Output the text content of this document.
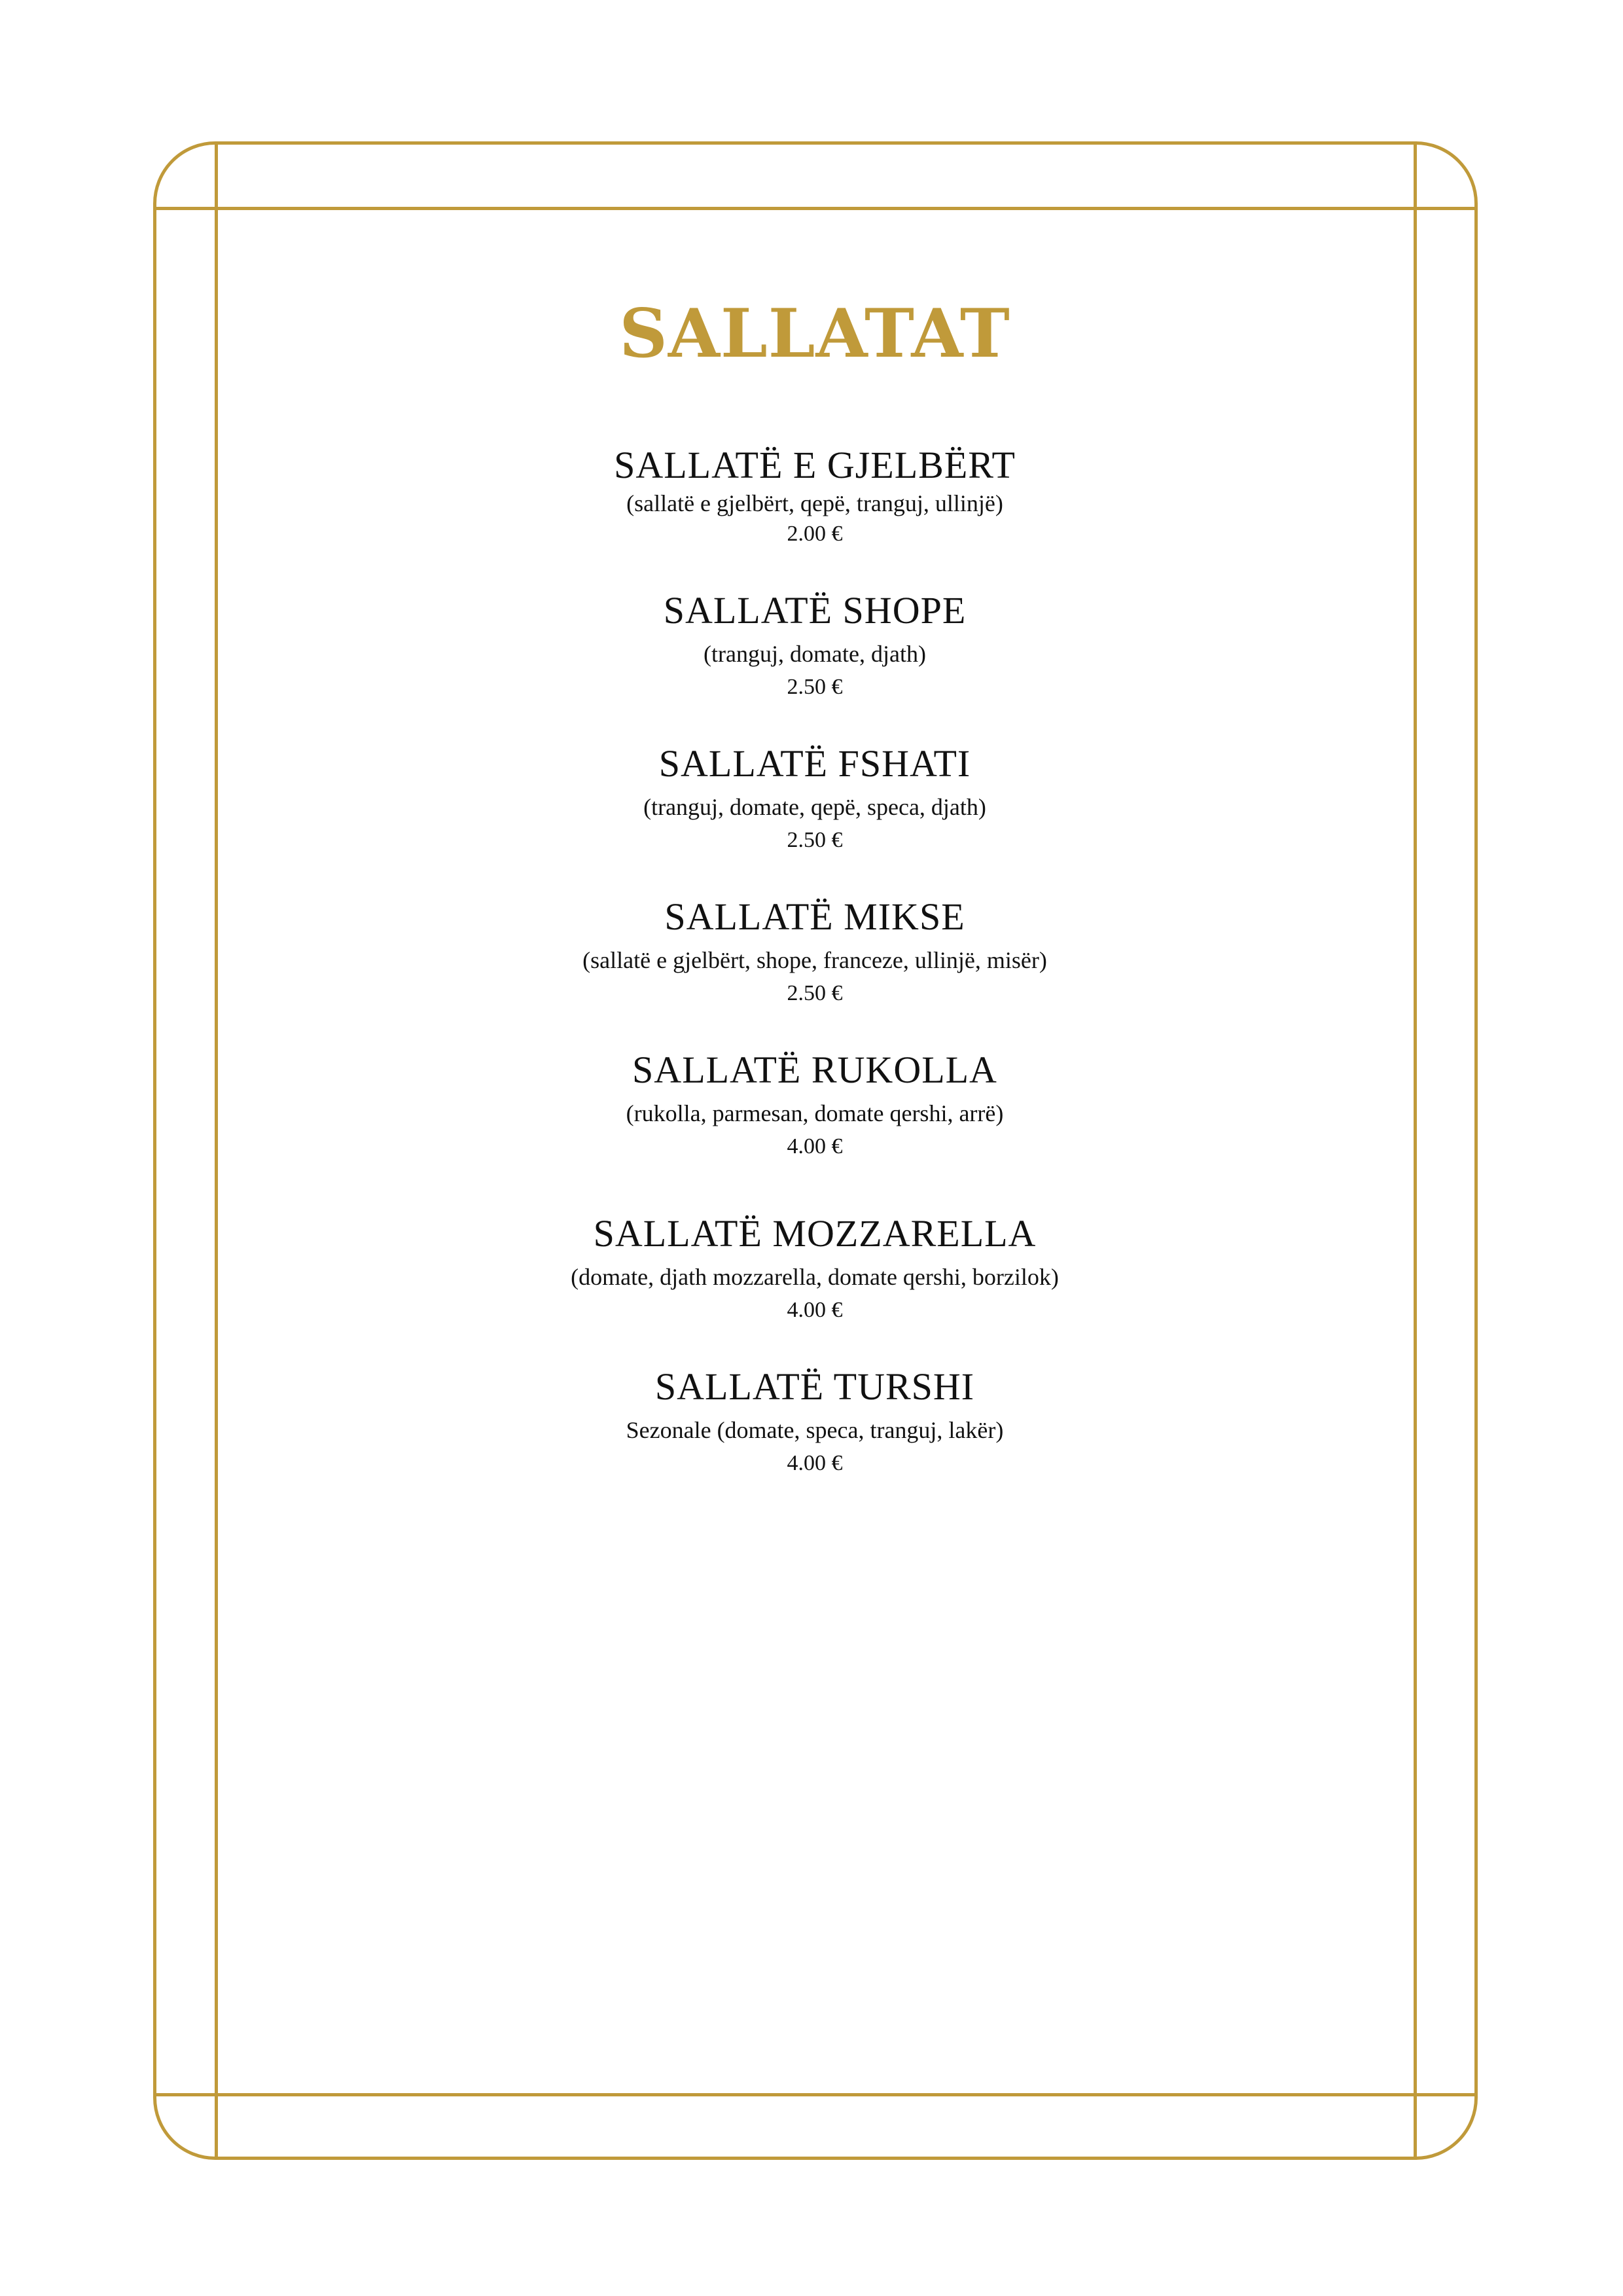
SALLATAT
SALLATË E GJELBËRT
(sallatë e gjelbërt, qepë, tranguj, ullinjë)
2.00 €
SALLATË SHOPE
(tranguj, domate, djath)
2.50 €
SALLATË FSHATI
(tranguj, domate, qepë, speca, djath)
2.50 €
SALLATË MIKSE
(sallatë e gjelbërt, shope, franceze, ullinjë, misër)
2.50 €
SALLATË RUKOLLA
(rukolla, parmesan, domate qershi, arrë)
4.00 €
SALLATË MOZZARELLA
(domate, djath mozzarella, domate qershi, borzilok)
4.00 €
SALLATË TURSHI
Sezonale (domate, speca, tranguj, lakër)
4.00 €
